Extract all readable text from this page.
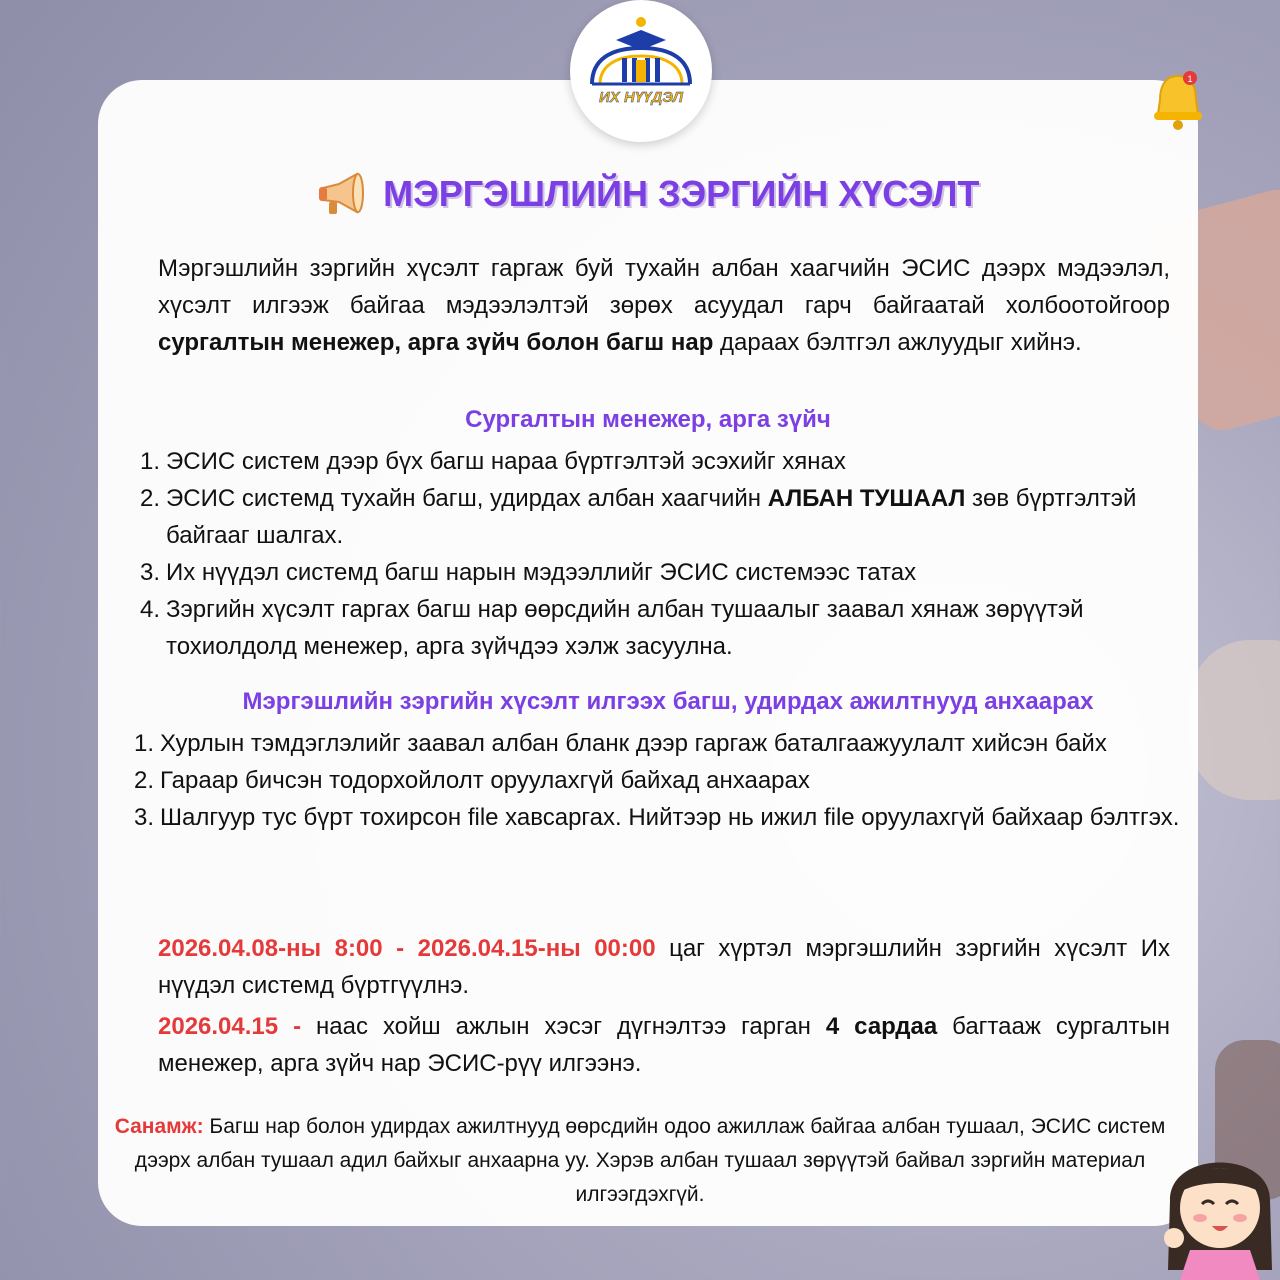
ИХ НҮҮДЭЛ
1
МЭРГЭШЛИЙН ЗЭРГИЙН ХҮСЭЛТ
Мэргэшлийн зэргийн хүсэлт гаргаж буй тухайн албан хаагчийн ЭСИС дээрх мэдээлэл, хүсэлт илгээж байгаа мэдээлэлтэй зөрөх асуудал гарч байгаатай холбоотойгоор сургалтын менежер, арга зүйч болон багш нар дараах бэлтгэл ажлуудыг хийнэ.
Сургалтын менежер, арга зүйч
1. ЭСИС систем дээр бүх багш нараа бүртгэлтэй эсэхийг хянах
2. ЭСИС системд тухайн багш, удирдах албан хаагчийн АЛБАН ТУШААЛ зөв бүртгэлтэй байгааг шалгах.
3. Их нүүдэл системд багш нарын мэдээллийг ЭСИС системээс татах
4. Зэргийн хүсэлт гаргах багш нар өөрсдийн албан тушаалыг заавал хянаж зөрүүтэй тохиолдолд менежер, арга зүйчдээ хэлж засуулна.
Мэргэшлийн зэргийн хүсэлт илгээх багш, удирдах ажилтнууд анхаарах
1. Хурлын тэмдэглэлийг заавал албан бланк дээр гаргаж баталгаажуулалт хийсэн байх
2. Гараар бичсэн тодорхойлолт оруулахгүй байхад анхаарах
3. Шалгуур тус бүрт тохирсон file хавсаргах. Нийтээр нь ижил file оруулахгүй байхаар бэлтгэх.
2026.04.08-ны 8:00 - 2026.04.15-ны 00:00 цаг хүртэл мэргэшлийн зэргийн хүсэлт Их нүүдэл системд бүртгүүлнэ.
2026.04.15 - наас хойш ажлын хэсэг дүгнэлтээ гарган 4 сардаа багтааж сургалтын менежер, арга зүйч нар ЭСИС-рүү илгээнэ.
Санамж: Багш нар болон удирдах ажилтнууд өөрсдийн одоо ажиллаж байгаа албан тушаал, ЭСИС систем дээрх албан тушаал адил байхыг анхаарна уу. Хэрэв албан тушаал зөрүүтэй байвал зэргийн материал илгээгдэхгүй.
